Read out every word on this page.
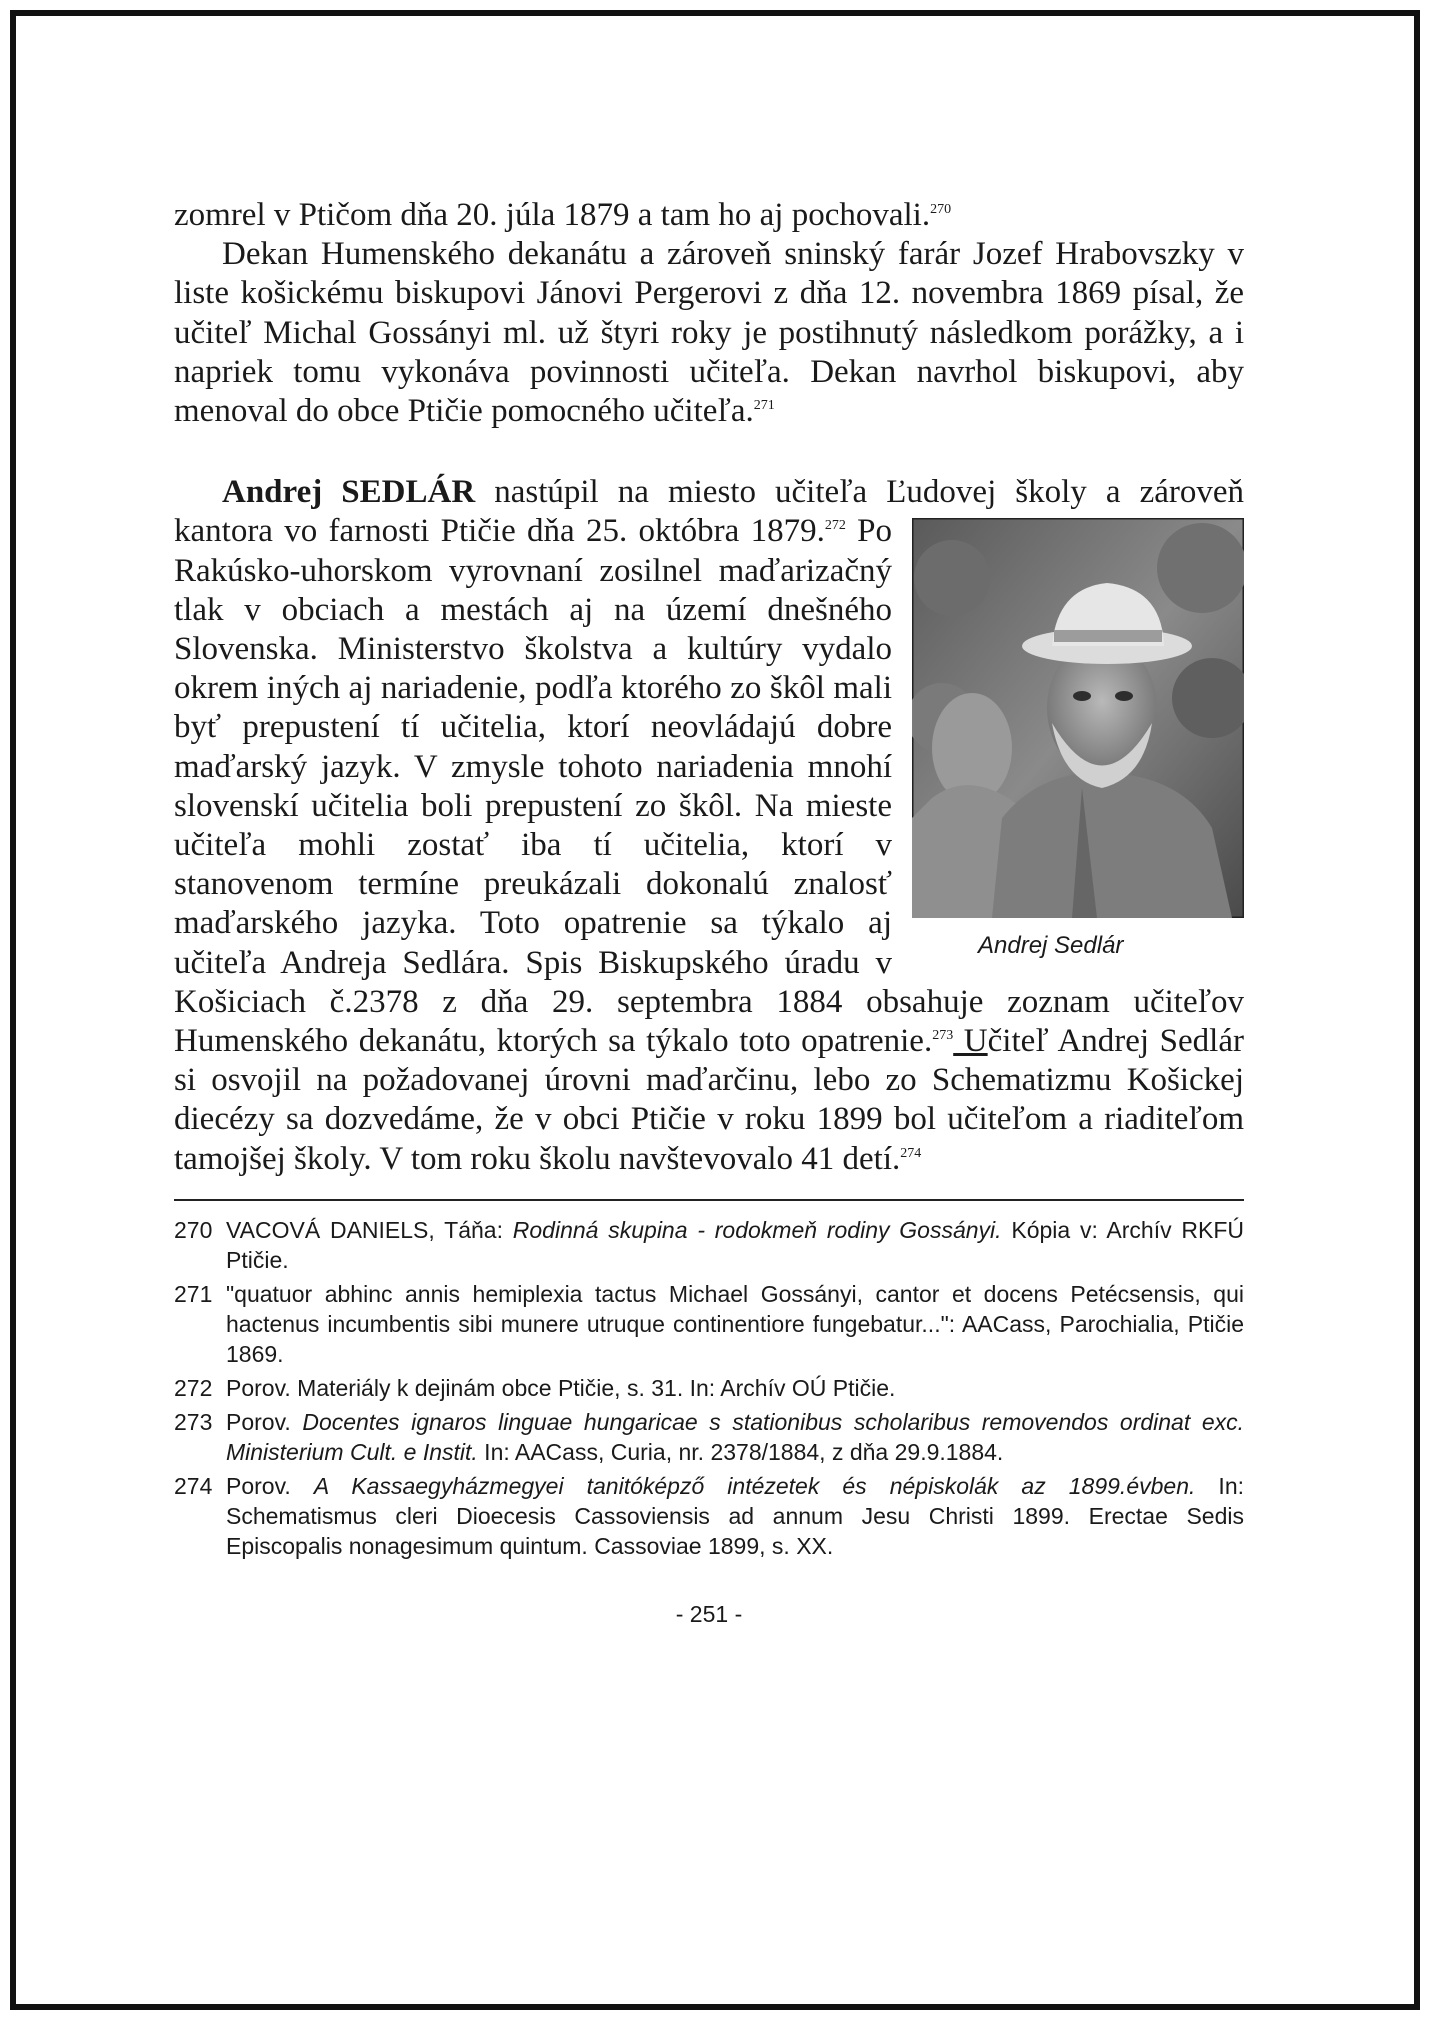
zomrel v Ptičom dňa 20. júla 1879 a tam ho aj pochovali.$^{270}$

Dekan Humenského dekanátu a zároveň sninský farár Jozef Hrabovszky v liste košickému biskupovi Jánovi Pergerovi z dňa 12. novembra 1869 písal, že učiteľ Michal Gossányi ml. už štyri roky je postihnutý následkom porážky, a i napriek tomu vykonáva povinnosti učiteľa. Dekan navrhol biskupovi, aby menoval do obce Ptičie pomocného učiteľa.$^{271}$

Andrej SEDLÁR nastúpil na miesto učiteľa Ľudovej školy a zároveň kantora vo farnosti Ptičie dňa 25. októbra 1879.$^{272}$
Andrej Sedlár
Po Rakúsko-uhorskom vyrovnaní zosilnel maďarizačný tlak v obciach a mestách aj na území dnešného Slovenska. Ministerstvo školstva a kultúry vydalo okrem iných aj nariadenie, podľa ktorého zo škôl mali byť prepustení tí učitelia, ktorí neovládajú dobre maďarský jazyk. V zmysle tohoto nariadenia mnohí slovenskí učitelia boli prepustení zo škôl. Na mieste učiteľa mohli zostať iba tí učitelia, ktorí v stanovenom termíne preukázali dokonalú znalosť maďarského jazyka. Toto opatrenie sa týkalo aj učiteľa Andreja Sedlára. Spis Biskupského úradu v Košiciach č.2378 z dňa 29. septembra 1884 obsahuje zoznam učiteľov Humenského dekanátu, ktorých sa týkalo toto opatrenie.$^{273}$ Učiteľ Andrej Sedlár si osvojil na požadovanej úrovni maďarčinu, lebo zo Schematizmu Košickej diecézy sa dozvedáme, že v obci Ptičie v roku 1899 bol učiteľom a riaditeľom tamojšej školy. V tom roku školu navštevovalo 41 detí.$^{274}$

270 VACOVÁ DANIELS, Táňa: Rodinná skupina - rodokmeň rodiny Gossányi. Kópia v: Archív RKFÚ Ptičie.
271 "quatuor abhinc annis hemiplexia tactus Michael Gossányi, cantor et docens Petécsensis, qui hactenus incumbentis sibi munere utruque continentiore fungebatur...": AACass, Parochialia, Ptičie 1869.
272 Porov. Materiály k dejinám obce Ptičie, s. 31. In: Archív OÚ Ptičie.
273 Porov. Docentes ignaros linguae hungaricae s stationibus scholaribus removendos ordinat exc. Ministerium Cult. e Instit. In: AACass, Curia, nr. 2378/1884, z dňa 29.9.1884.
274 Porov. A Kassaegyházmegyei tanitóképző intézetek és népiskolák az 1899.évben. In: Schematismus cleri Dioecesis Cassoviensis ad annum Jesu Christi 1899. Erectae Sedis Episcopalis nonagesimum quintum. Cassoviae 1899, s. XX.
- 251 -
